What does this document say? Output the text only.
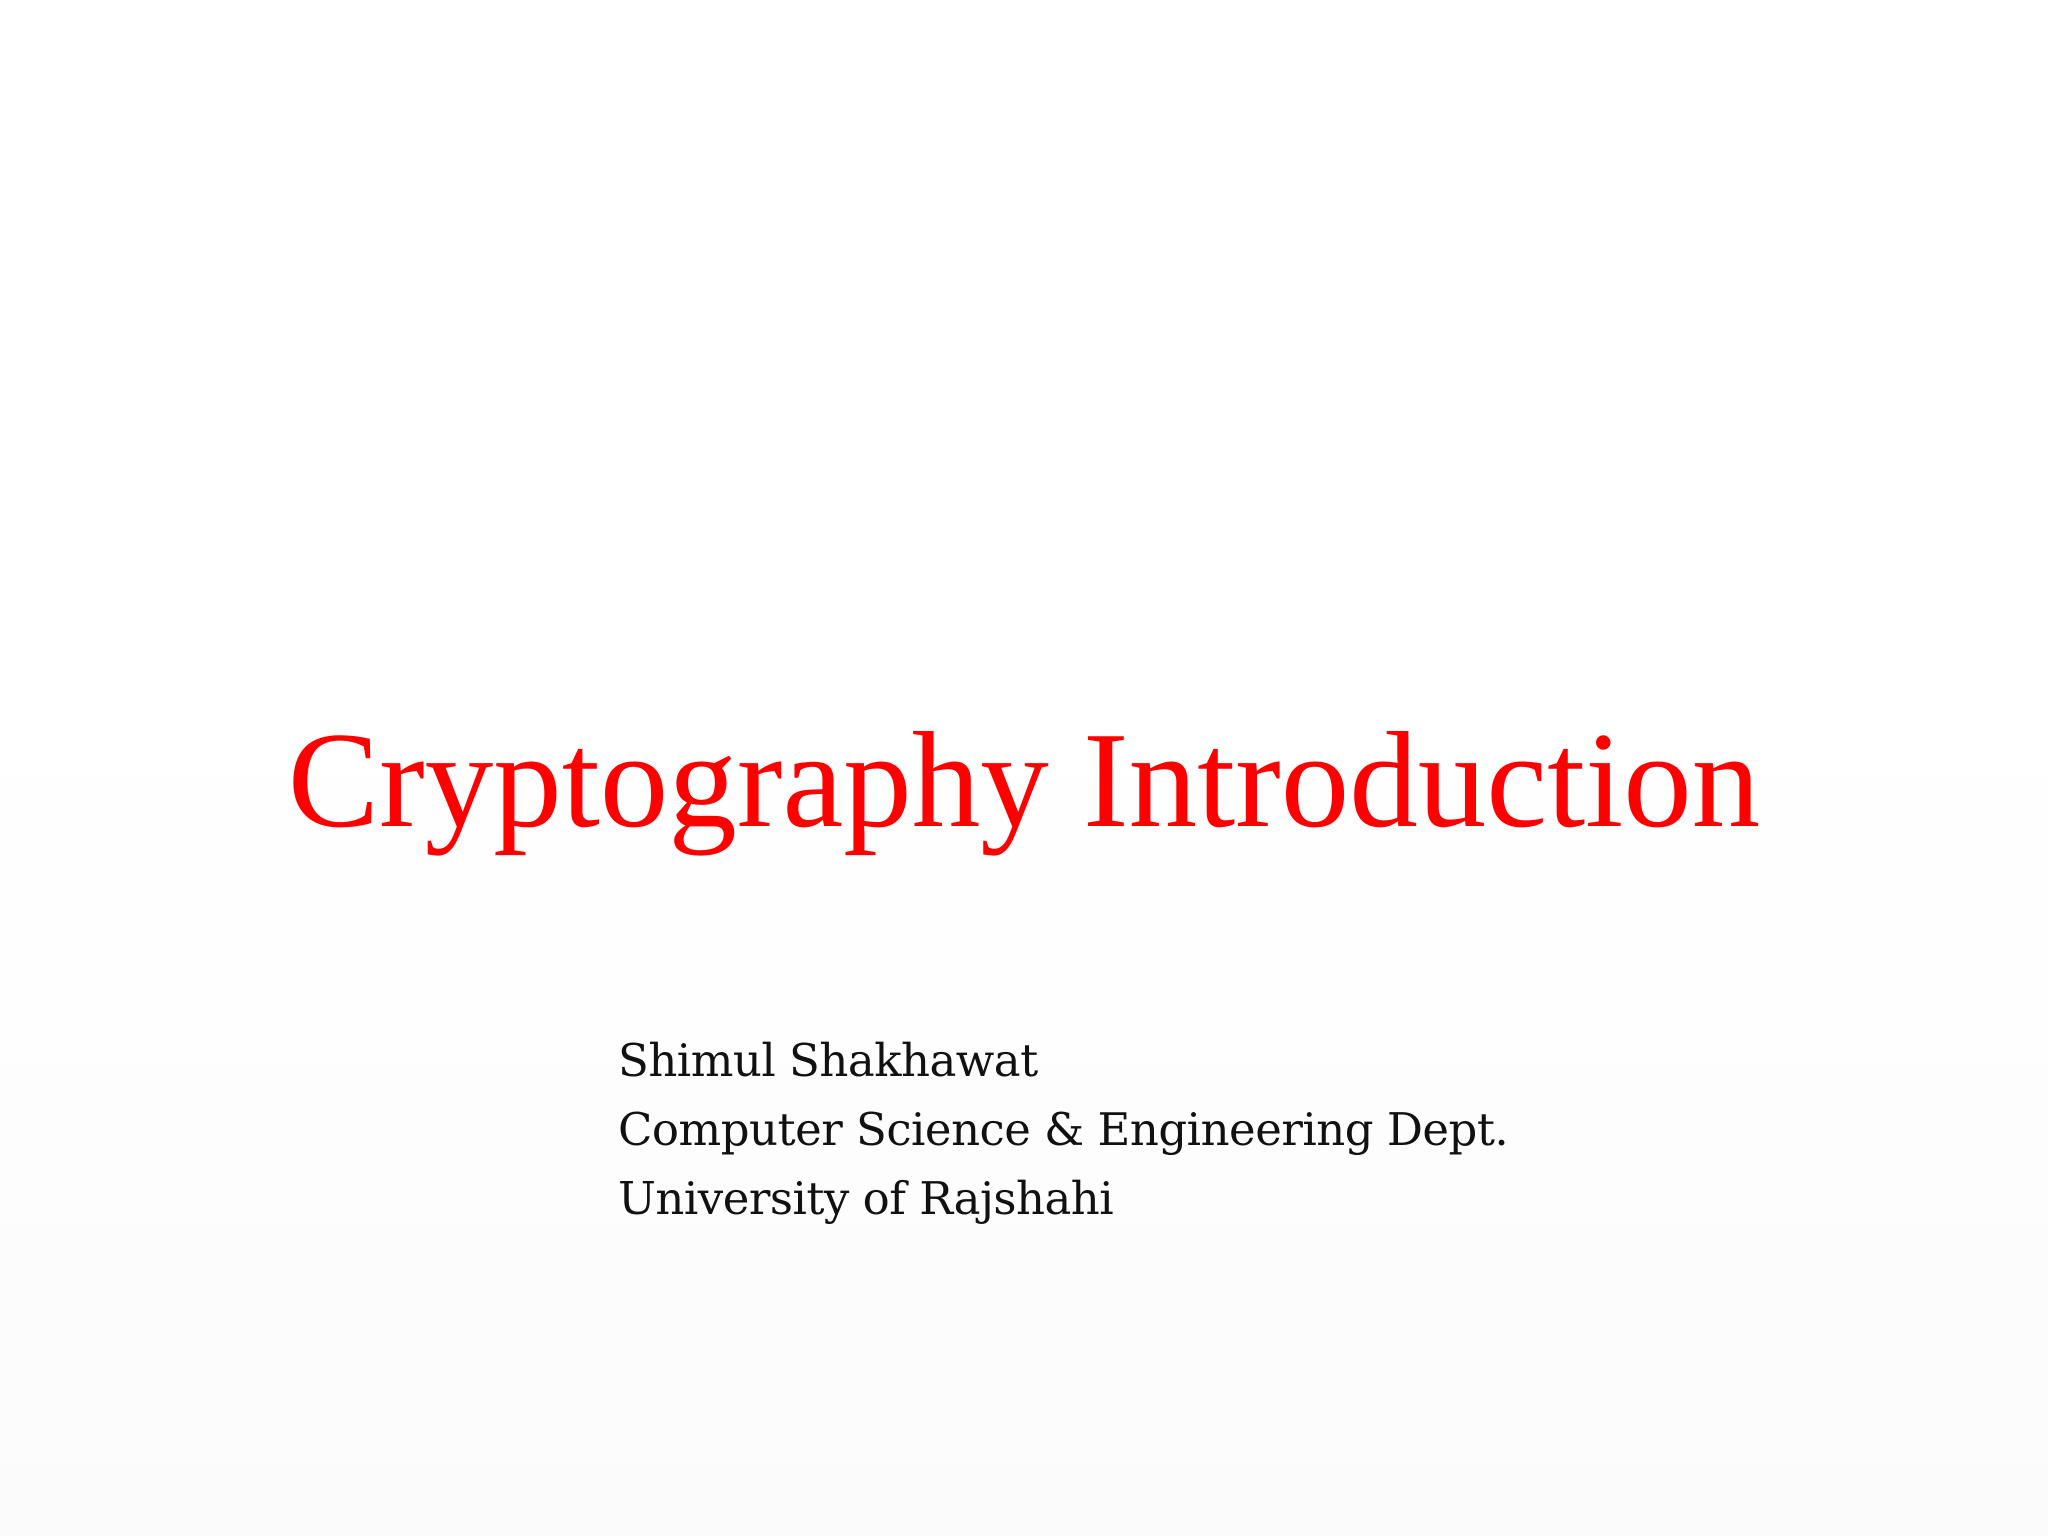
Cryptography Introduction
Shimul Shakhawat
Computer Science & Engineering Dept.
University of Rajshahi
